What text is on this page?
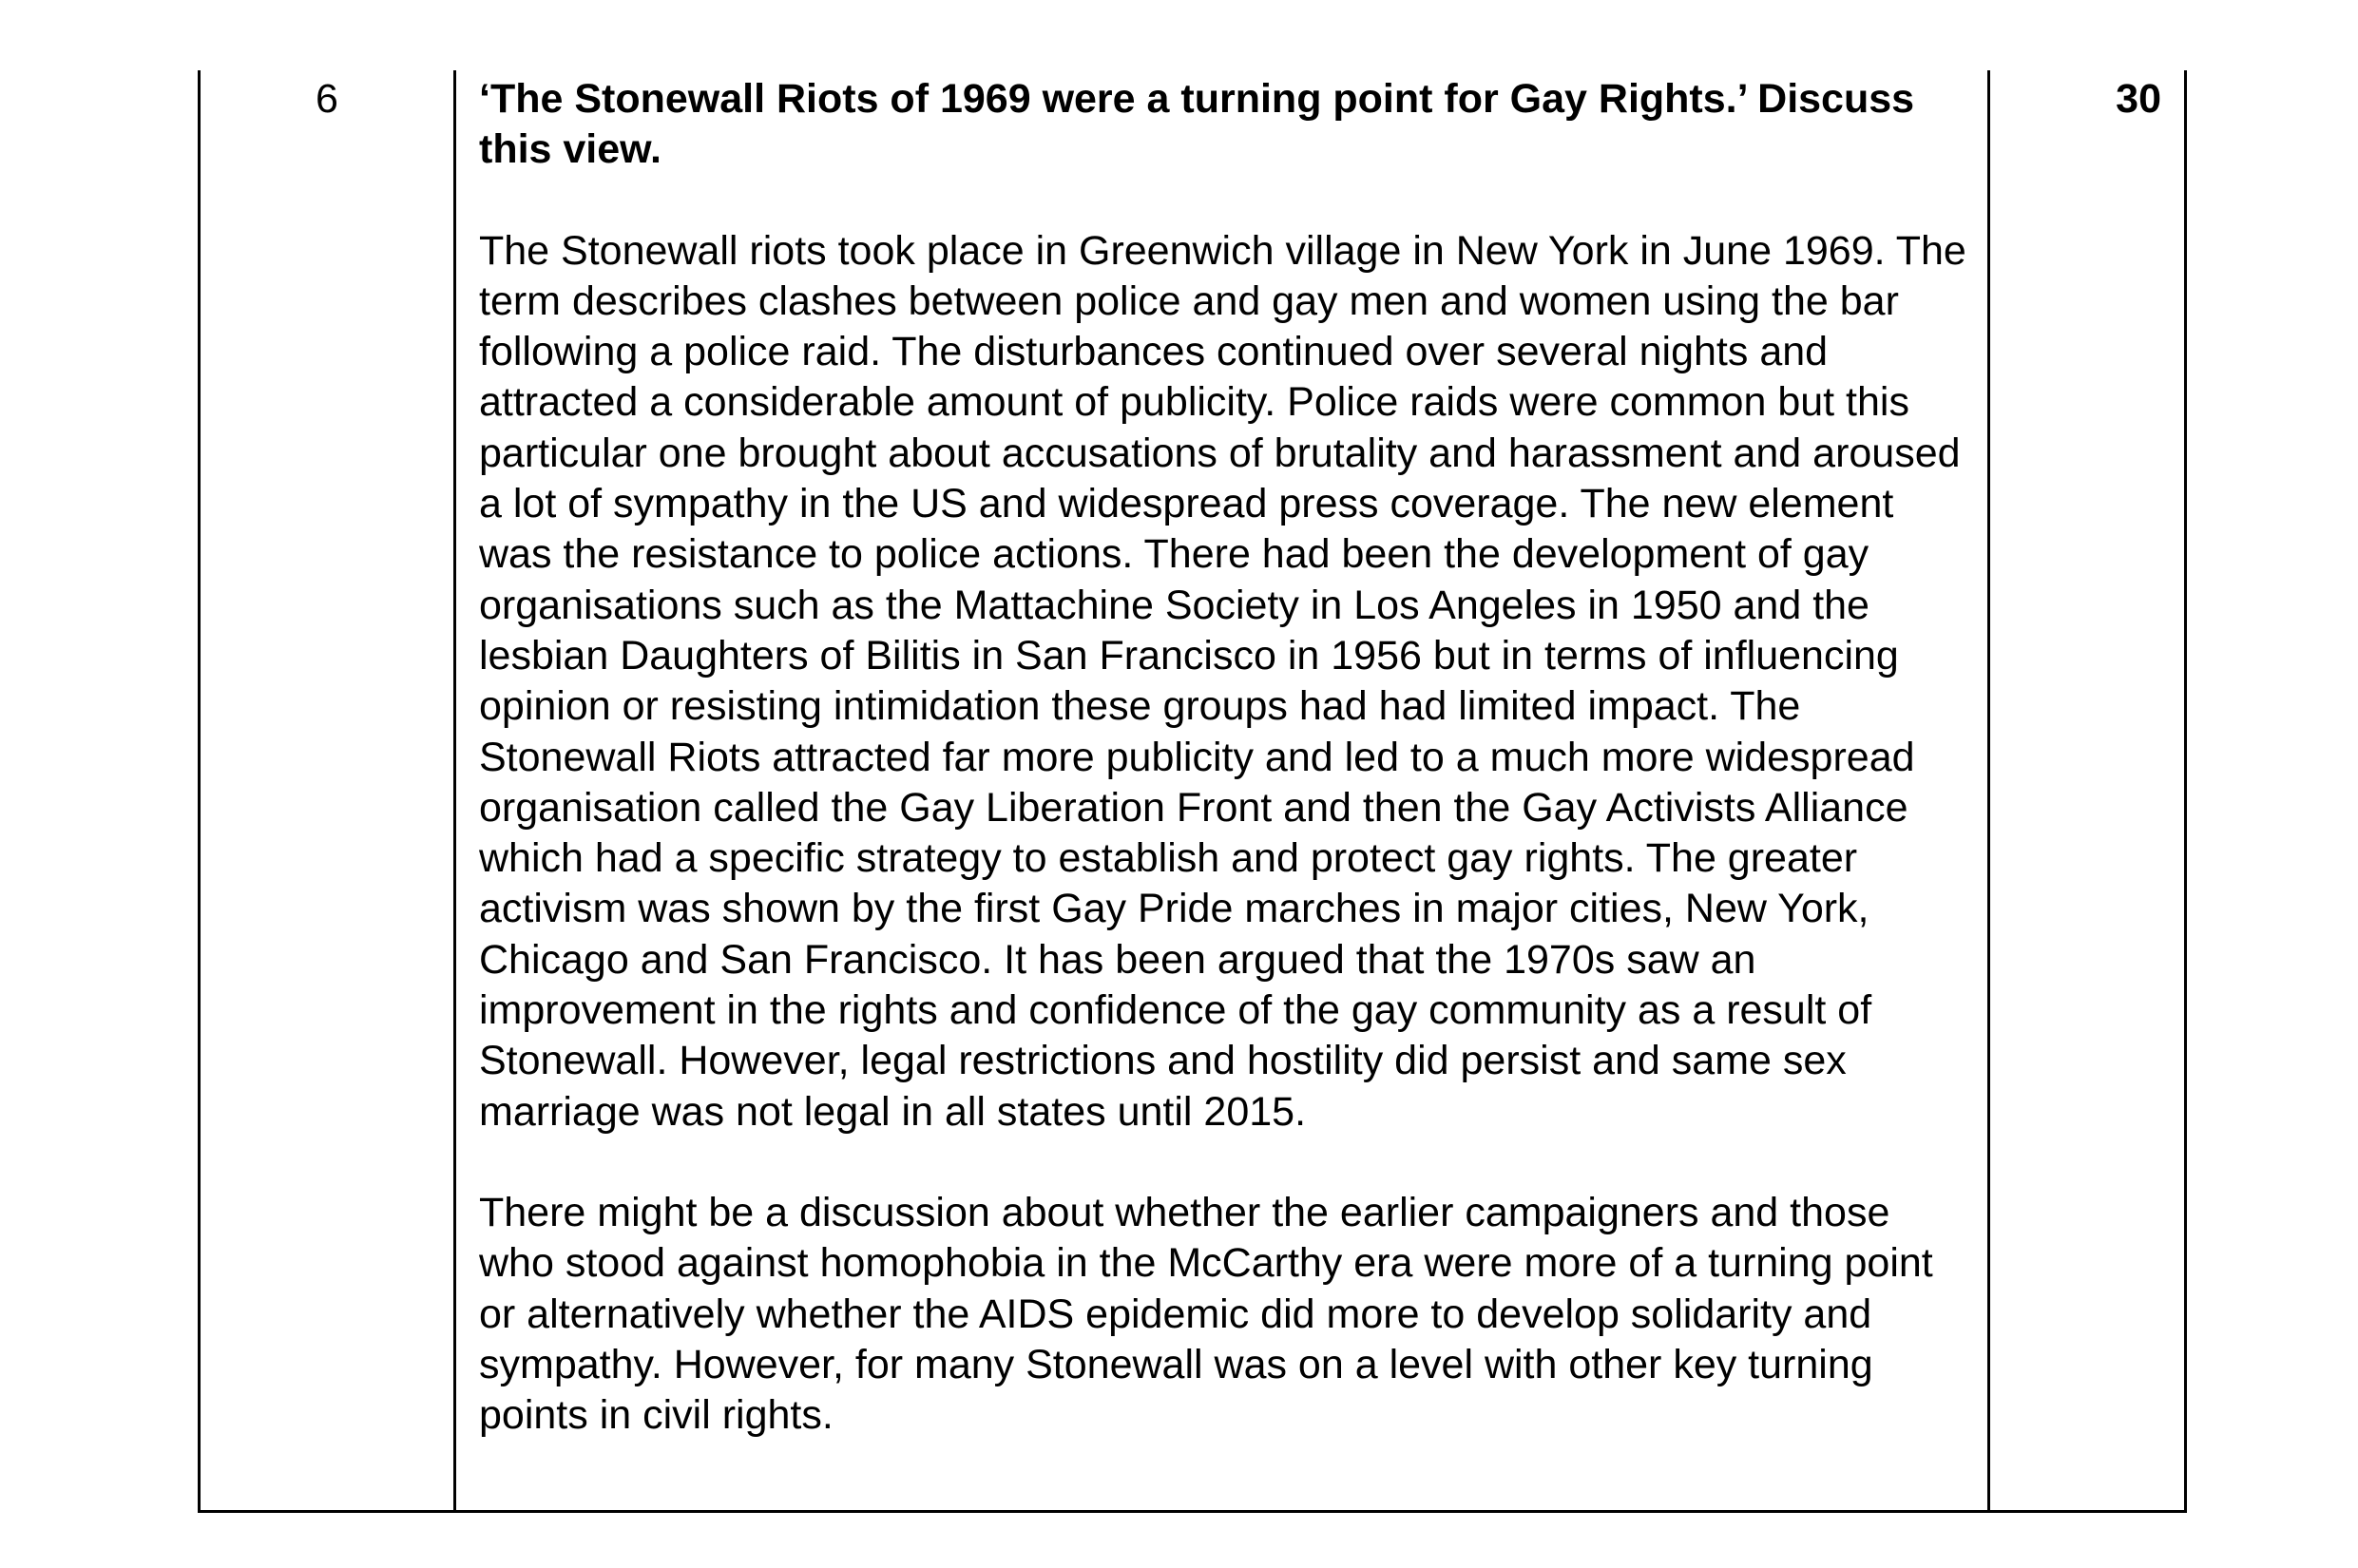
6	‘The Stonewall Riots of 1969 were a turning point for Gay Rights.’ Discuss this view.

The Stonewall riots took place in Greenwich village in New York in June 1969. The term describes clashes between police and gay men and women using the bar following a police raid. The disturbances continued over several nights and attracted a considerable amount of publicity. Police raids were common but this particular one brought about accusations of brutality and harassment and aroused a lot of sympathy in the US and widespread press coverage. The new element was the resistance to police actions. There had been the development of gay organisations such as the Mattachine Society in Los Angeles in 1950 and the lesbian Daughters of Bilitis in San Francisco in 1956 but in terms of influencing opinion or resisting intimidation these groups had had limited impact. The Stonewall Riots attracted far more publicity and led to a much more widespread organisation called the Gay Liberation Front and then the Gay Activists Alliance which had a specific strategy to establish and protect gay rights. The greater activism was shown by the first Gay Pride marches in major cities, New York, Chicago and San Francisco. It has been argued that the 1970s saw an improvement in the rights and confidence of the gay community as a result of Stonewall. However, legal restrictions and hostility did persist and same sex marriage was not legal in all states until 2015.

There might be a discussion about whether the earlier campaigners and those who stood against homophobia in the McCarthy era were more of a turning point or alternatively whether the AIDS epidemic did more to develop solidarity and sympathy. However, for many Stonewall was on a level with other key turning points in civil rights.

30
